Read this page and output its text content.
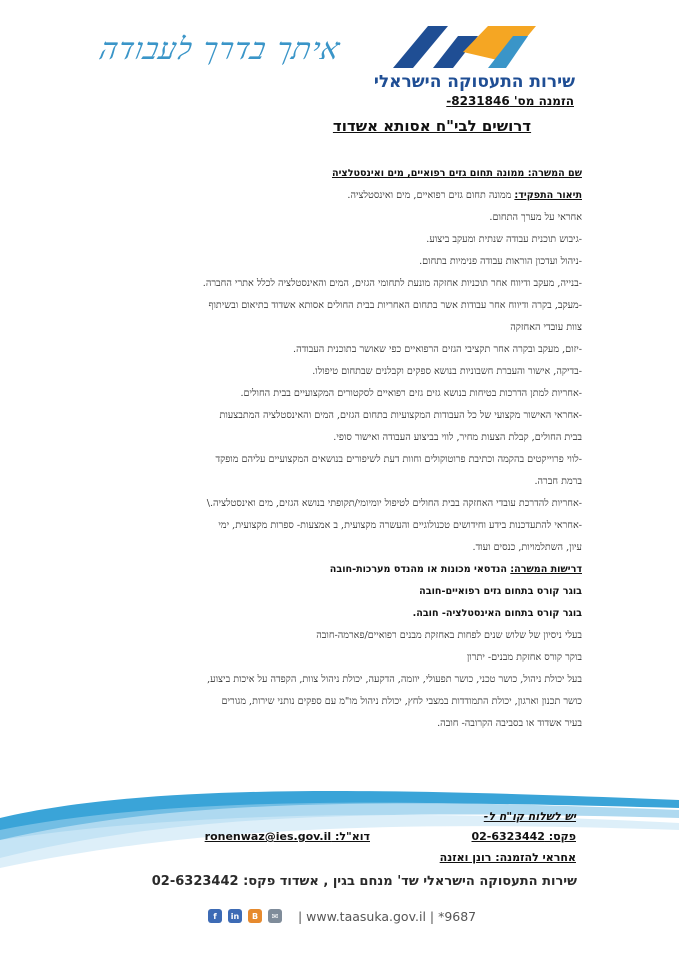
איתך בדרך לעבודה
שירות התעסוקה הישראלי
הזמנה מס' 8231846-
דרושים לבי"ח אסותא אשדוד
שם המשרה: ממונה תחום גזים רפואיים, מים ואינסטלציה
תיאור התפקיד: ממונה תחום גזים רפואיים, מים ואינסטלציה.
אחראי על מערך התחום.
-גיבוש תוכנית עבודה שנתית ומעקב ביצוע.
-ניהול ועדכון הוראות עבודה פנימיות בתחום.
-בנייה, מעקב ודיווח אחר תוכניות אחזקה מונעת לתחומי הגזים, המים והאינסטלציה לכלל אתרי החברה.
-מעקב, בקרה ודיווח אחר עבודות אשר בתחום האחריות בבית החולים אסותא אשדוד בתיאום ובשיתוף
צוות עובדי האחזקה
-יזום, מעקב ובקרה אחר תקציבי הגזים הרפואיים כפי שאושר בתוכנית העבודה.
-בדיקה, אישור והעברת חשבוניות בנושא ספקים וקבלנים שבתחום טיפולו.
-אחריות למתן הדרכות בטיחות בנושא גזים גזים רפואיים לסקטורים המקצועיים בבית החולים.
-אחראי האישור מקצועי של כל העבודות המקצועיות בתחום הגזים, המים והאינסטלציה המתבצעות
בבית החולים, קבלת הצעות מחיר, לווי בביצוע העבודה ואישור סופי.
-לווי פרוייקטים בהקמה וכתיבת פרוטוקולים וחוות דעת לשיפורים בנושאים המקצועיים עליהם מופקד
ברמת חברה.
-אחריות להדרכת עובדי האחזקה בבית החולים לטיפול יומיומי/תקופתי בנושא הגזים, מים ואינסטלציה.\
-אחראי להתעדכנות בידע וחידושים טכנולוגיים והעשרה מקצועית, ב אמצעות- ספרות מקצועית, ימי
עיון, השתלמויות, כנסים ועוד.
דרישות המשרה: הנדסאי מכונות או מהנדס מערכות-חובה
בוגר קורס בתחום גזים רפואיים-חובה
בוגר קורס בתחום האינסטלציה- חובה.
בעלי ניסיון של שלוש שנים לפחות באחזקת מבנים רפואיים/פארמה-חובה
בוקר קורס אחזקת מבנים- יתרון
בעל יכולת ניהול, כושר טכני, כושר תפעולי, יוזמה, הדקעה, יכולת ניהול צוות, הקפדה על איכות ביצוע,
כושר תכנון וארגון, יכולת התמודדות במצבי לחץ, יכולת ניהול מו"מ עם ספקים נותני שירות, מגורים
בעיר אשדוד או בסביבה הקרובה- חובה.
יש לשלוח קו"ח ל-
פקס: 02-6323442
דוא"ל: ronenwaz@ies.gov.il
אחראי להזמנה: רונן ואזנה
שירות התעסוקה הישראלי שד' מנחם בגין , אשדוד פקס: 02-6323442
f	in	B	✉ | www.taasuka.gov.il | *9687
